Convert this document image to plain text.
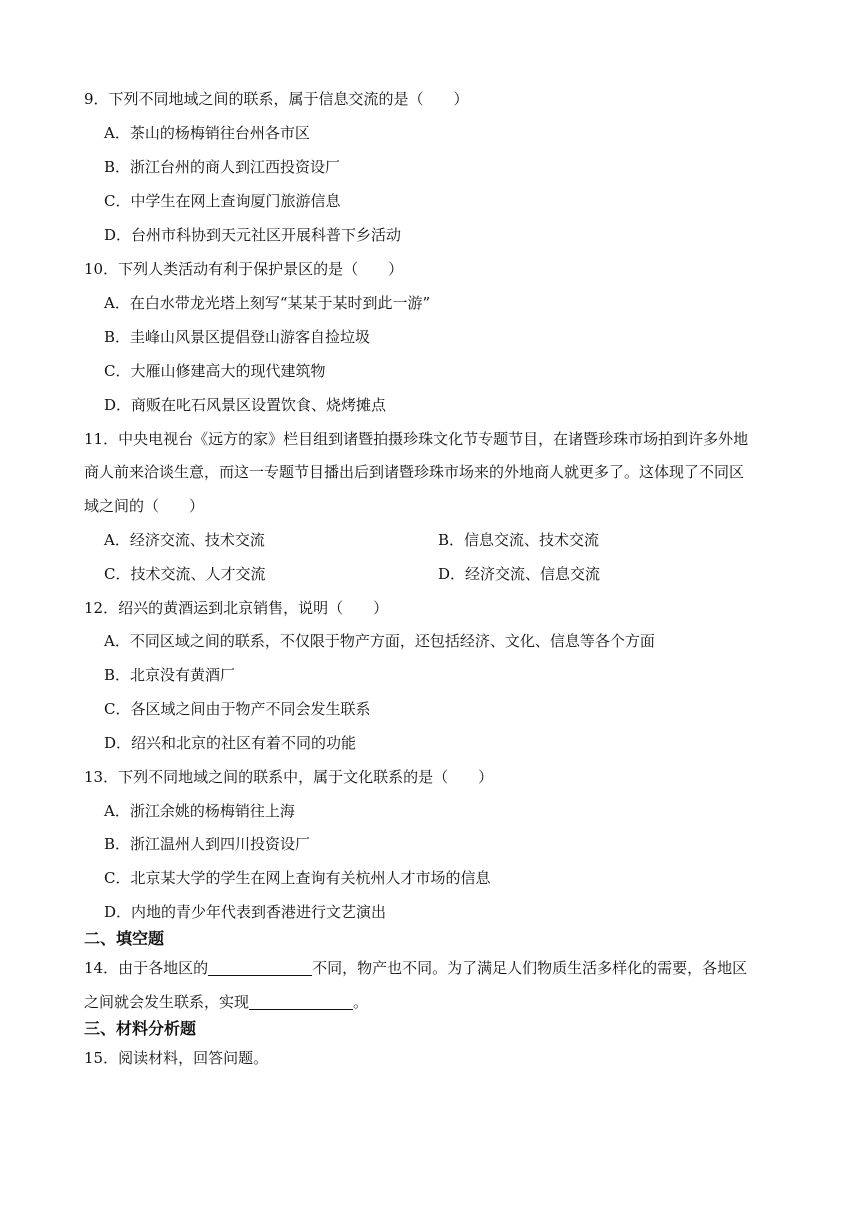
9．下列不同地域之间的联系，属于信息交流的是（　　）
A．茶山的杨梅销往台州各市区
B．浙江台州的商人到江西投资设厂
C．中学生在网上查询厦门旅游信息
D．台州市科协到天元社区开展科普下乡活动
10．下列人类活动有利于保护景区的是（　　）
A．在白水带龙光塔上刻写“某某于某时到此一游”
B．圭峰山风景区提倡登山游客自捡垃圾
C．大雁山修建高大的现代建筑物
D．商贩在叱石风景区设置饮食、烧烤摊点
11．中央电视台《远方的家》栏目组到诸暨拍摄珍珠文化节专题节目，在诸暨珍珠市场拍到许多外地
商人前来洽谈生意，而这一专题节目播出后到诸暨珍珠市场来的外地商人就更多了。这体现了不同区
域之间的（　　）
A．经济交流、技术交流	B．信息交流、技术交流
C．技术交流、人才交流	D．经济交流、信息交流
12．绍兴的黄酒运到北京销售，说明（　　）
A．不同区域之间的联系，不仅限于物产方面，还包括经济、文化、信息等各个方面
B．北京没有黄酒厂
C．各区域之间由于物产不同会发生联系
D．绍兴和北京的社区有着不同的功能
13．下列不同地域之间的联系中，属于文化联系的是（　　）
A．浙江余姚的杨梅销往上海
B．浙江温州人到四川投资设厂
C．北京某大学的学生在网上查询有关杭州人才市场的信息
D．内地的青少年代表到香港进行文艺演出
二、填空题
14．由于各地区的	不同，物产也不同。为了满足人们物质生活多样化的需要，各地区
之间就会发生联系，实现	。
三、材料分析题
15．阅读材料，回答问题。
